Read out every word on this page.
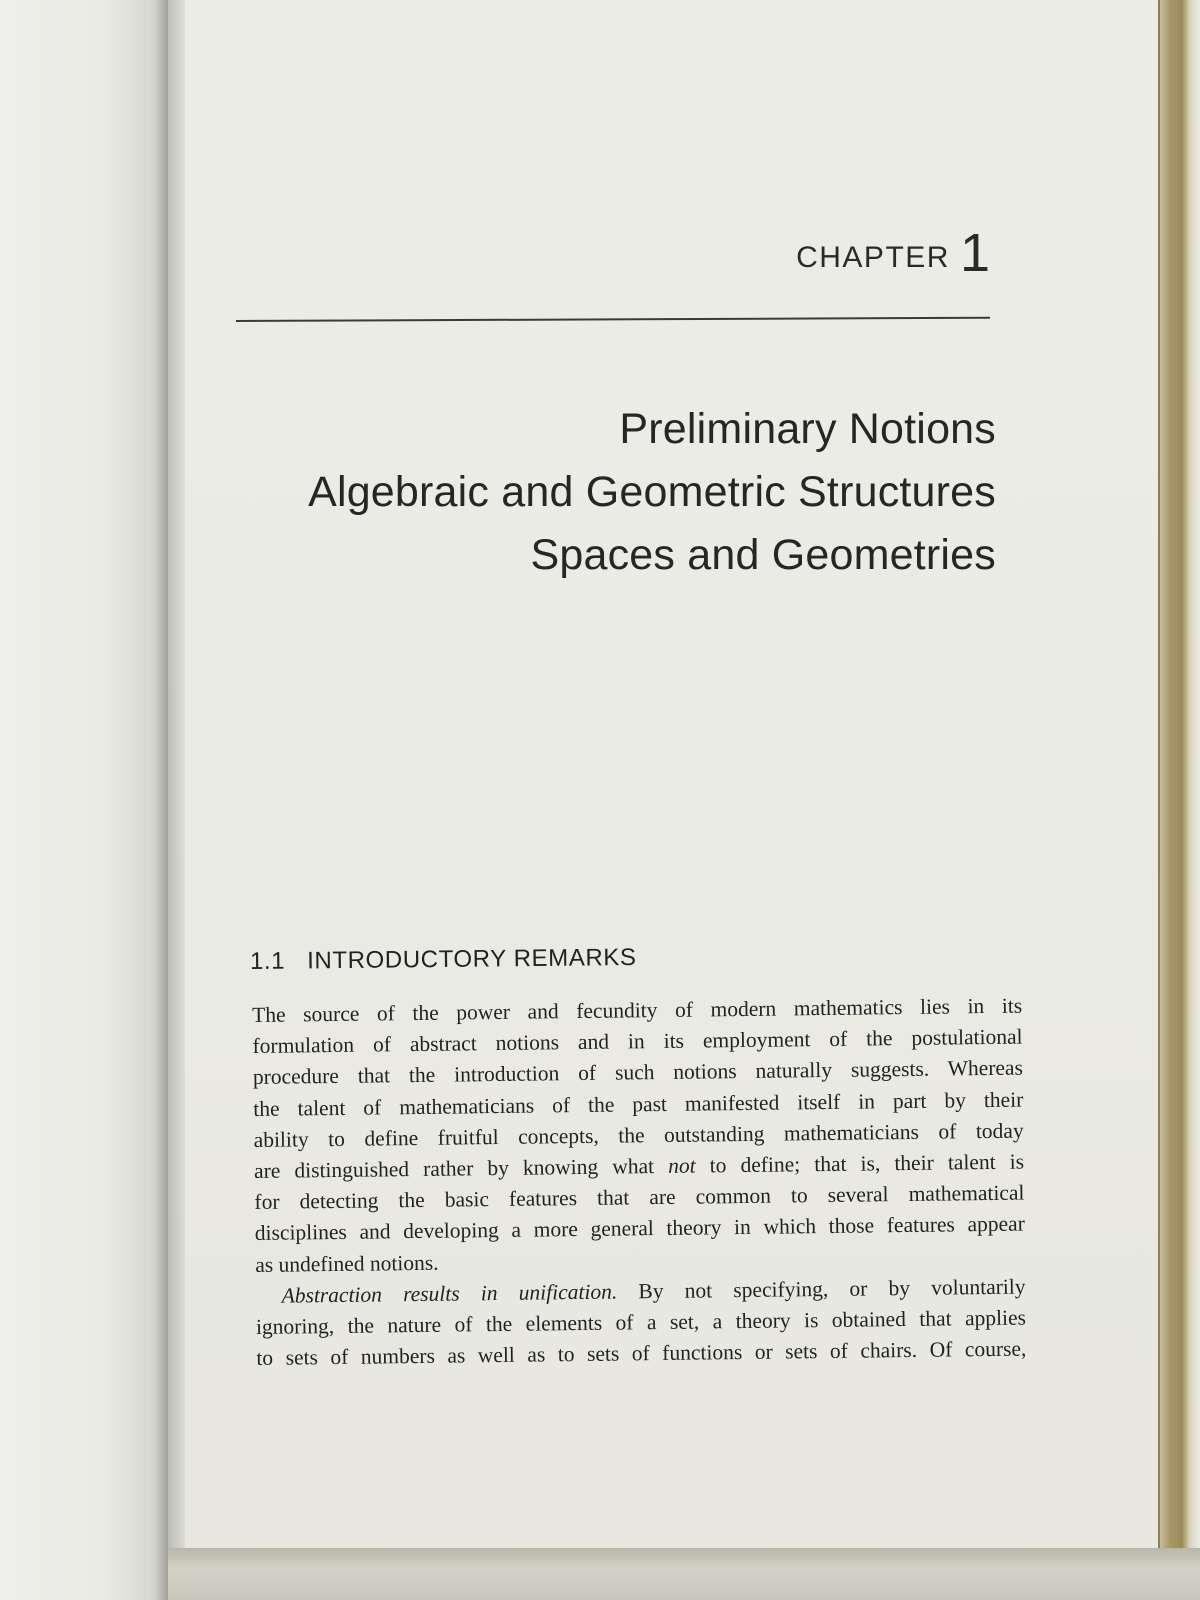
CHAPTER 1
Preliminary Notions
Algebraic and Geometric Structures
Spaces and Geometries
1.1 INTRODUCTORY REMARKS
The source of the power and fecundity of modern mathematics lies in its
formulation of abstract notions and in its employment of the postulational
procedure that the introduction of such notions naturally suggests. Whereas
the talent of mathematicians of the past manifested itself in part by their
ability to define fruitful concepts, the outstanding mathematicians of today
are distinguished rather by knowing what not to define; that is, their talent is
for detecting the basic features that are common to several mathematical
disciplines and developing a more general theory in which those features appear
as undefined notions.
Abstraction results in unification. By not specifying, or by voluntarily
ignoring, the nature of the elements of a set, a theory is obtained that applies
to sets of numbers as well as to sets of functions or sets of chairs. Of course,
